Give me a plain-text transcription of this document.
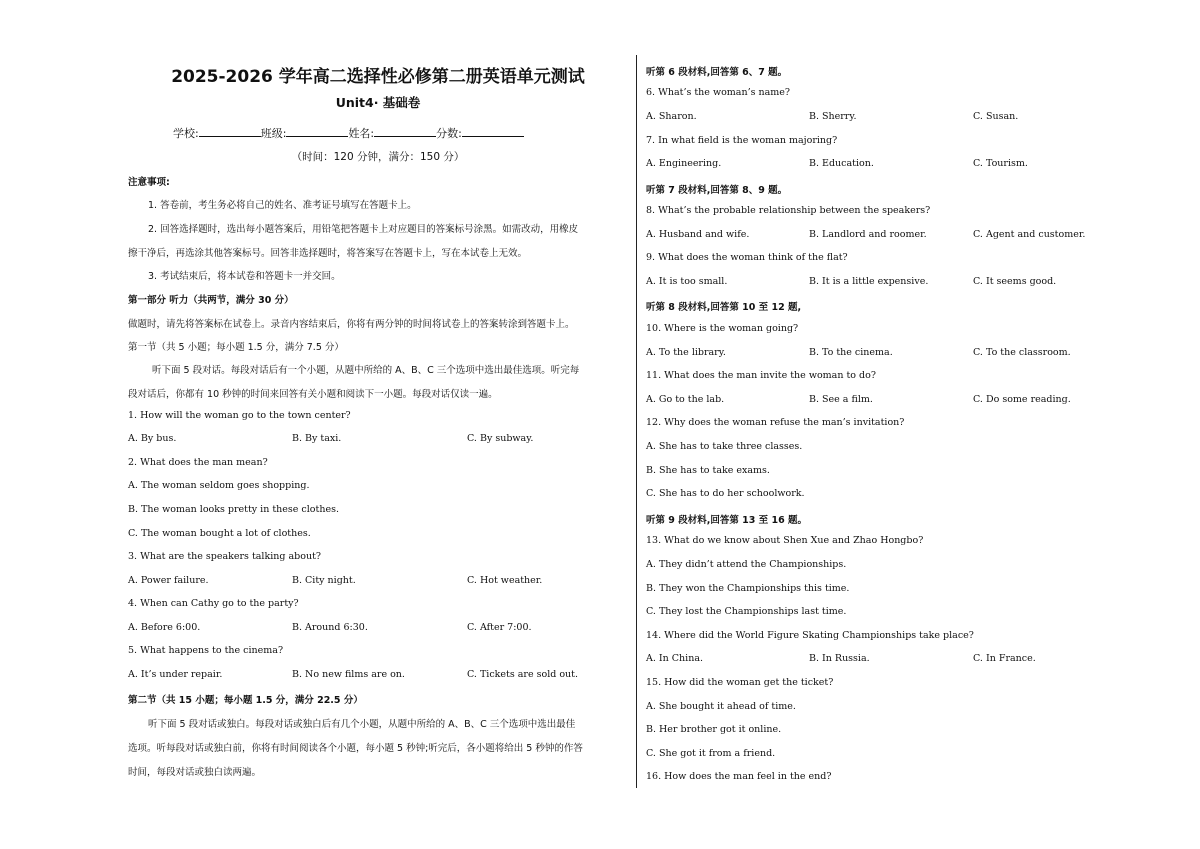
2025-2026 学年高二选择性必修第二册英语单元测试
Unit4· 基础卷
学校:	班级:	姓名:	分数:
（时间：120 分钟，满分：150 分）
注意事项:
1. 答卷前，考生务必将自己的姓名、准考证号填写在答题卡上。
2. 回答选择题时，选出每小题答案后，用铅笔把答题卡上对应题目的答案标号涂黑。如需改动，用橡皮
擦干净后，再选涂其他答案标号。回答非选择题时，将答案写在答题卡上，写在本试卷上无效。
3. 考试结束后，将本试卷和答题卡一并交回。
第一部分 听力（共两节，满分 30 分）
做题时，请先将答案标在试卷上。录音内容结束后，你将有两分钟的时间将试卷上的答案转涂到答题卡上。
第一节（共 5 小题；每小题 1.5 分，满分 7.5 分）
听下面 5 段对话。每段对话后有一个小题，从题中所给的 A、B、C 三个选项中选出最佳选项。听完每
段对话后，你都有 10 秒钟的时间来回答有关小题和阅读下一小题。每段对话仅读一遍。
1. How will the woman go to the town center?
A. By bus.	B. By taxi.	C. By subway.
2. What does the man mean?
A. The woman seldom goes shopping.
B. The woman looks pretty in these clothes.
C. The woman bought a lot of clothes.
3. What are the speakers talking about?
A. Power failure.	B. City night.	C. Hot weather.
4. When can Cathy go to the party?
A. Before 6:00.	B. Around 6:30.	C. After 7:00.
5. What happens to the cinema?
A. It’s under repair.	B. No new films are on.	C. Tickets are sold out.
第二节（共 15 小题；每小题 1.5 分，满分 22.5 分）
听下面 5 段对话或独白。每段对话或独白后有几个小题，从题中所给的 A、B、C 三个选项中选出最佳
选项。听每段对话或独白前，你将有时间阅读各个小题，每小题 5 秒钟;听完后，各小题将给出 5 秒钟的作答
时间，每段对话或独白读两遍。
听第 6 段材料,回答第 6、7 题。
6. What’s the woman’s name?
A. Sharon.	B. Sherry.	C. Susan.
7. In what field is the woman majoring?
A. Engineering.	B. Education.	C. Tourism.
听第 7 段材料,回答第 8、9 题。
8. What’s the probable relationship between the speakers?
A. Husband and wife.	B. Landlord and roomer.	C. Agent and customer.
9. What does the woman think of the flat?
A. It is too small.	B. It is a little expensive.	C. It seems good.
听第 8 段材料,回答第 10 至 12 题,
10. Where is the woman going?
A. To the library.	B. To the cinema.	C. To the classroom.
11. What does the man invite the woman to do?
A. Go to the lab.	B. See a film.	C. Do some reading.
12. Why does the woman refuse the man’s invitation?
A. She has to take three classes.
B. She has to take exams.
C. She has to do her schoolwork.
听第 9 段材料,回答第 13 至 16 题。
13. What do we know about Shen Xue and Zhao Hongbo?
A. They didn’t attend the Championships.
B. They won the Championships this time.
C. They lost the Championships last time.
14. Where did the World Figure Skating Championships take place?
A. In China.	B. In Russia.	C. In France.
15. How did the woman get the ticket?
A. She bought it ahead of time.
B. Her brother got it online.
C. She got it from a friend.
16. How does the man feel in the end?
